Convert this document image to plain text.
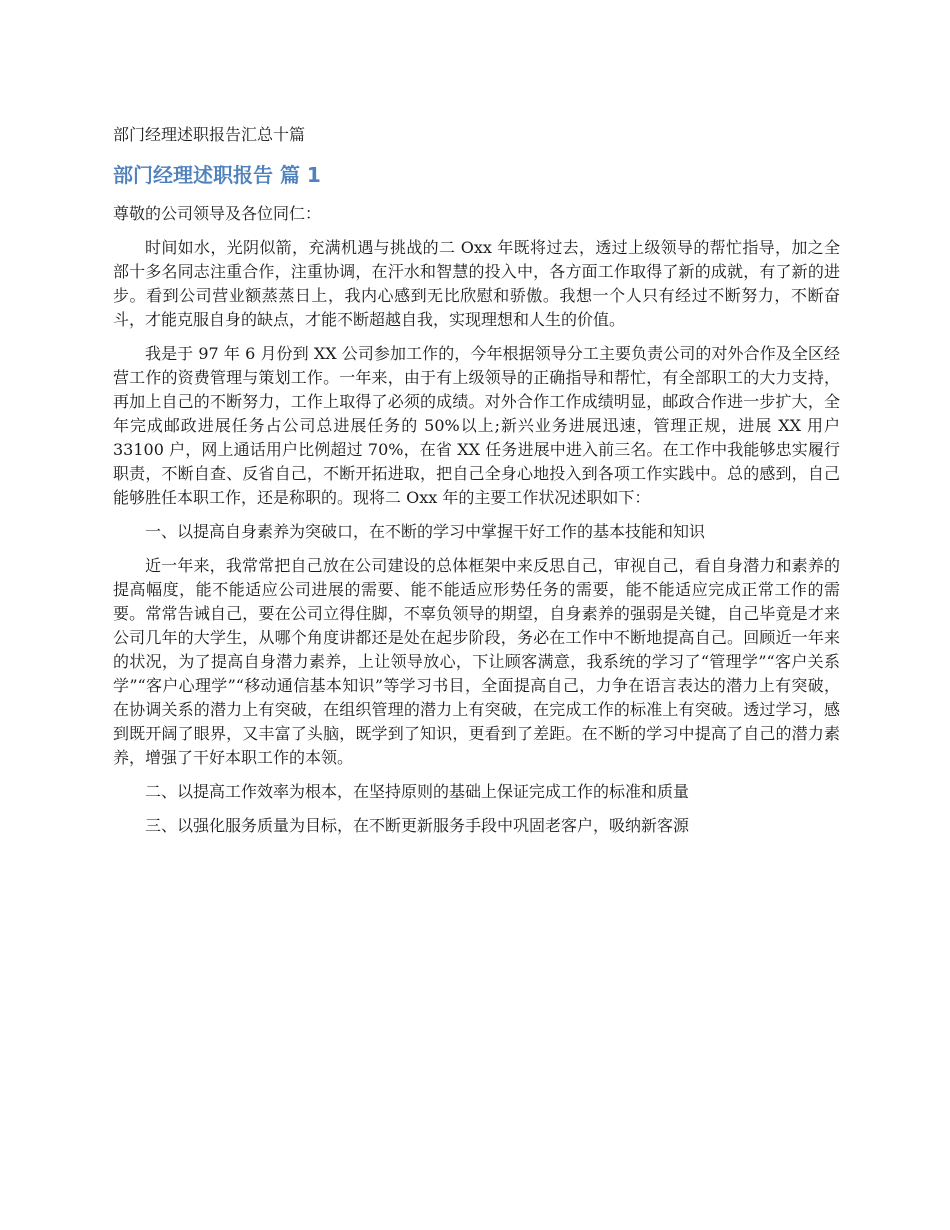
部门经理述职报告汇总十篇

部门经理述职报告 篇 1

尊敬的公司领导及各位同仁：

时间如水，光阴似箭，充满机遇与挑战的二 Oxx 年既将过去，透过上级领导的帮忙指导，加之全部十多名同志注重合作，注重协调，在汗水和智慧的投入中，各方面工作取得了新的成就，有了新的进步。看到公司营业额蒸蒸日上，我内心感到无比欣慰和骄傲。我想一个人只有经过不断努力，不断奋斗，才能克服自身的缺点，才能不断超越自我，实现理想和人生的价值。

我是于 97 年 6 月份到 XX 公司参加工作的，今年根据领导分工主要负责公司的对外合作及全区经营工作的资费管理与策划工作。一年来，由于有上级领导的正确指导和帮忙，有全部职工的大力支持，再加上自己的不断努力，工作上取得了必须的成绩。对外合作工作成绩明显，邮政合作进一步扩大，全年完成邮政进展任务占公司总进展任务的 50%以上;新兴业务进展迅速，管理正规，进展 XX 用户 33100 户，网上通话用户比例超过 70%，在省 XX 任务进展中进入前三名。在工作中我能够忠实履行职责，不断自查、反省自己，不断开拓进取，把自己全身心地投入到各项工作实践中。总的感到，自己能够胜任本职工作，还是称职的。现将二 Oxx 年的主要工作状况述职如下：

一、以提高自身素养为突破口，在不断的学习中掌握干好工作的基本技能和知识

近一年来，我常常把自己放在公司建设的总体框架中来反思自己，审视自己，看自身潜力和素养的提高幅度，能不能适应公司进展的需要、能不能适应形势任务的需要，能不能适应完成正常工作的需要。常常告诫自己，要在公司立得住脚，不辜负领导的期望，自身素养的强弱是关键，自己毕竟是才来公司几年的大学生，从哪个角度讲都还是处在起步阶段，务必在工作中不断地提高自己。回顾近一年来的状况，为了提高自身潜力素养，上让领导放心，下让顾客满意，我系统的学习了“管理学”“客户关系学”“客户心理学”“移动通信基本知识”等学习书目，全面提高自己，力争在语言表达的潜力上有突破，在协调关系的潜力上有突破，在组织管理的潜力上有突破，在完成工作的标准上有突破。透过学习，感到既开阔了眼界，又丰富了头脑，既学到了知识，更看到了差距。在不断的学习中提高了自己的潜力素养，增强了干好本职工作的本领。

二、以提高工作效率为根本，在坚持原则的基础上保证完成工作的标准和质量

三、以强化服务质量为目标，在不断更新服务手段中巩固老客户，吸纳新客源
